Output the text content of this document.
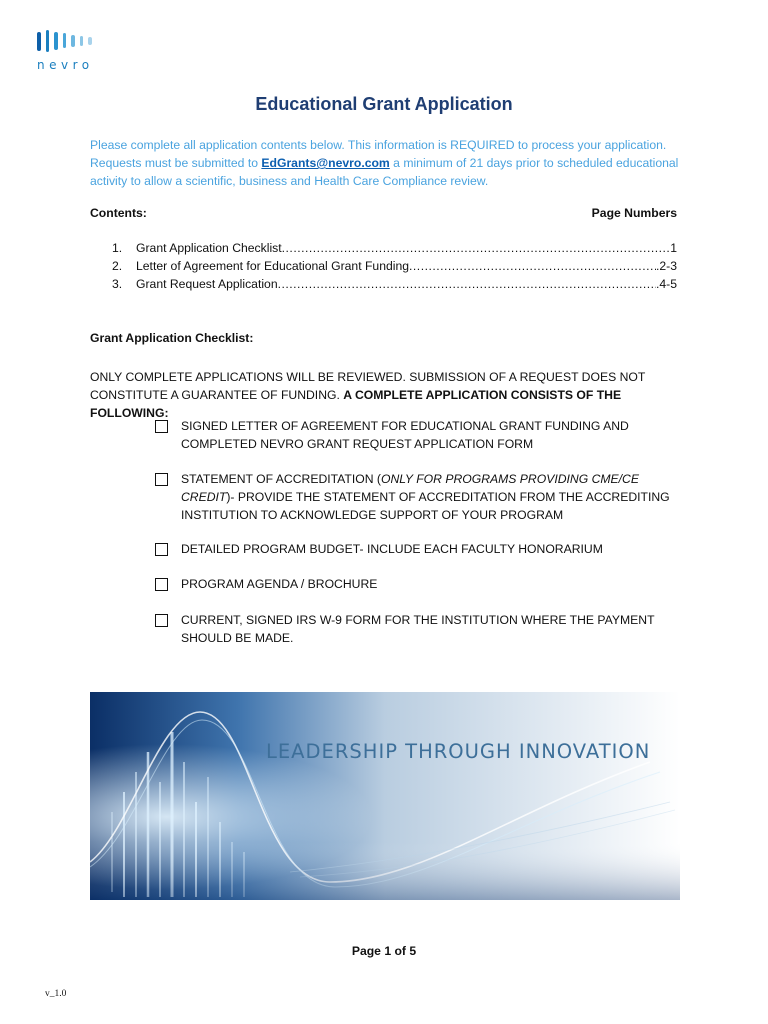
nevro
Educational Grant Application
Please complete all application contents below. This information is REQUIRED to process your application. Requests must be submitted to EdGrants@nevro.com a minimum of 21 days prior to scheduled educational activity to allow a scientific, business and Health Care Compliance review.
Contents:	Page Numbers
1.	Grant Application Checklist .....	1
2.	Letter of Agreement for Educational Grant Funding .....	.2-3
3.	Grant Request Application .....	.4-5
Grant Application Checklist:
ONLY COMPLETE APPLICATIONS WILL BE REVIEWED. SUBMISSION OF A REQUEST DOES NOT CONSTITUTE A GUARANTEE OF FUNDING. A COMPLETE APPLICATION CONSISTS OF THE FOLLOWING:
SIGNED LETTER OF AGREEMENT FOR EDUCATIONAL GRANT FUNDING AND COMPLETED NEVRO GRANT REQUEST APPLICATION FORM
STATEMENT OF ACCREDITATION (ONLY FOR PROGRAMS PROVIDING CME/CE CREDIT)- PROVIDE THE STATEMENT OF ACCREDITATION FROM THE ACCREDITING INSTITUTION TO ACKNOWLEDGE SUPPORT OF YOUR PROGRAM
DETAILED PROGRAM BUDGET- INCLUDE EACH FACULTY HONORARIUM
PROGRAM AGENDA / BROCHURE
CURRENT, SIGNED IRS W-9 FORM FOR THE INSTITUTION WHERE THE PAYMENT SHOULD BE MADE.
LEADERSHIP THROUGH INNOVATION
Page 1 of 5
v_1.0
